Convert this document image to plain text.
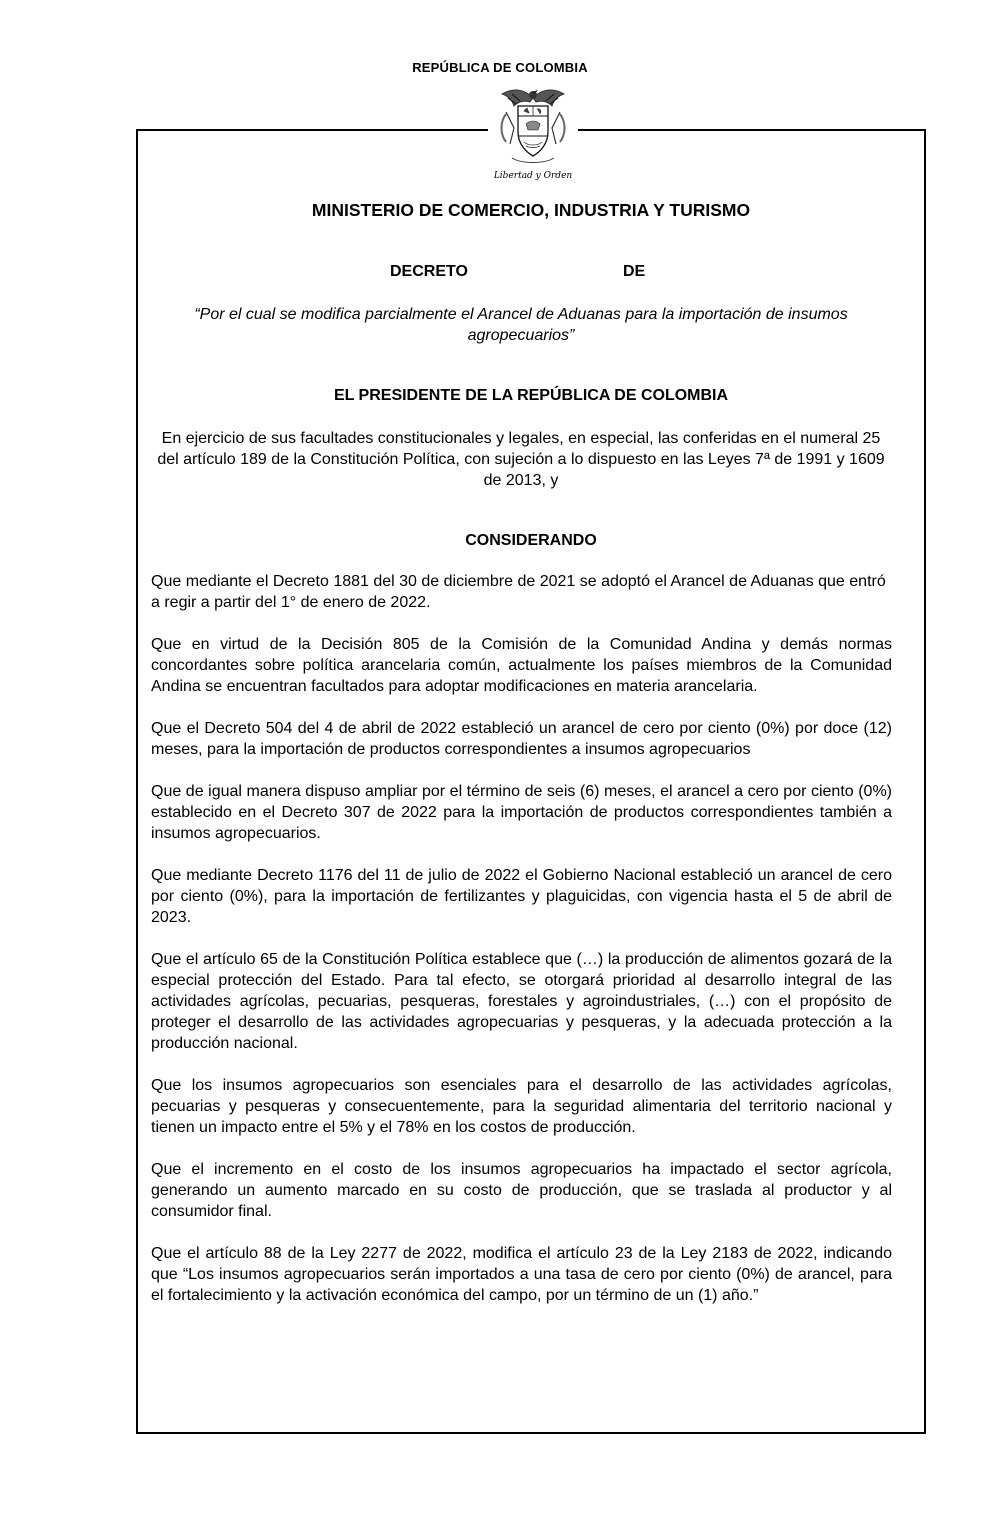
REPÚBLICA DE COLOMBIA
Libertad y Orden
MINISTERIO DE COMERCIO, INDUSTRIA Y TURISMO
DECRETO	DE
“Por el cual se modifica parcialmente el Arancel de Aduanas para la importación de insumos agropecuarios”
EL PRESIDENTE DE LA REPÚBLICA DE COLOMBIA
En ejercicio de sus facultades constitucionales y legales, en especial, las conferidas en el numeral 25 del artículo 189 de la Constitución Política, con sujeción a lo dispuesto en las Leyes 7ª de 1991 y 1609 de 2013, y
CONSIDERANDO

Que mediante el Decreto 1881 del 30 de diciembre de 2021 se adoptó el Arancel de Aduanas que entró a regir a partir del 1° de enero de 2022.

Que en virtud de la Decisión 805 de la Comisión de la Comunidad Andina y demás normas concordantes sobre política arancelaria común, actualmente los países miembros de la Comunidad Andina se encuentran facultados para adoptar modificaciones en materia arancelaria.

Que el Decreto 504 del 4 de abril de 2022 estableció un arancel de cero por ciento (0%) por doce (12) meses, para la importación de productos correspondientes a insumos agropecuarios

Que de igual manera dispuso ampliar por el término de seis (6) meses, el arancel a cero por ciento (0%) establecido en el Decreto 307 de 2022 para la importación de productos correspondientes también a insumos agropecuarios.

Que mediante Decreto 1176 del 11 de julio de 2022 el Gobierno Nacional estableció un arancel de cero por ciento (0%), para la importación de fertilizantes y plaguicidas, con vigencia hasta el 5 de abril de 2023.

Que el artículo 65 de la Constitución Política establece que (…) la producción de alimentos gozará de la especial protección del Estado. Para tal efecto, se otorgará prioridad al desarrollo integral de las actividades agrícolas, pecuarias, pesqueras, forestales y agroindustriales, (…) con el propósito de proteger el desarrollo de las actividades agropecuarias y pesqueras, y la adecuada protección a la producción nacional.

Que los insumos agropecuarios son esenciales para el desarrollo de las actividades agrícolas, pecuarias y pesqueras y consecuentemente, para la seguridad alimentaria del territorio nacional y tienen un impacto entre el 5% y el 78% en los costos de producción.

Que el incremento en el costo de los insumos agropecuarios ha impactado el sector agrícola, generando un aumento marcado en su costo de producción, que se traslada al productor y al consumidor final.

Que el artículo 88 de la Ley 2277 de 2022, modifica el artículo 23 de la Ley 2183 de 2022, indicando que “Los insumos agropecuarios serán importados a una tasa de cero por ciento (0%) de arancel, para el fortalecimiento y la activación económica del campo, por un término de un (1) año.”
